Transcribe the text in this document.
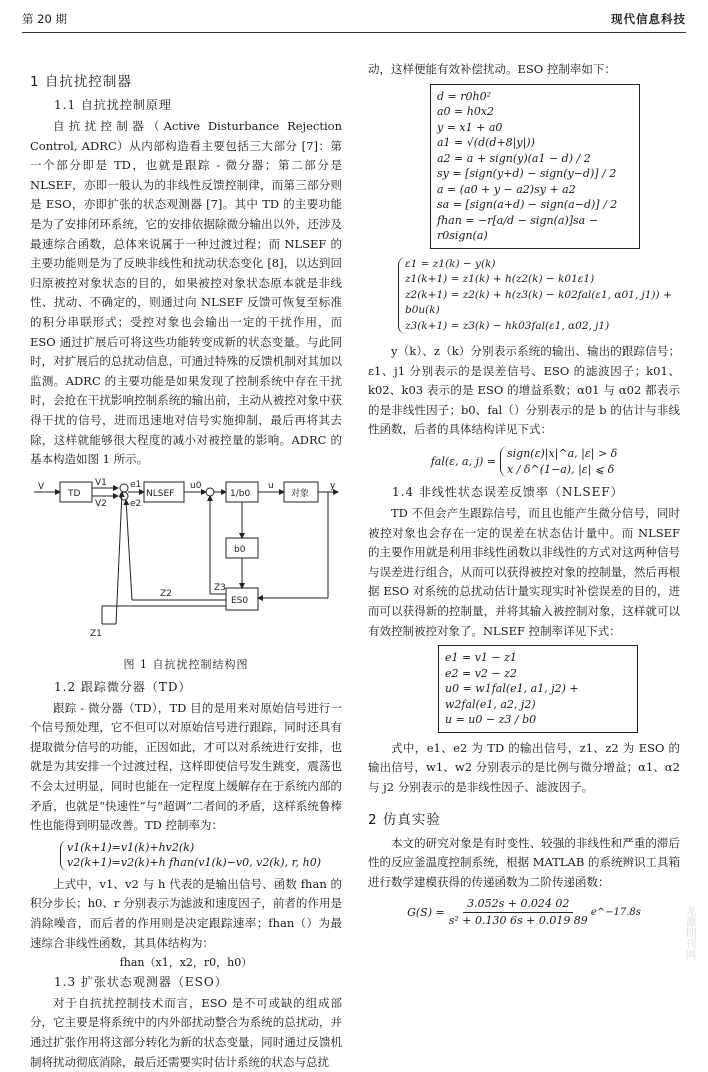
第 20 期	现代信息科技
1 自抗扰控制器
1.1 自抗扰控制原理
自抗扰控制器（Active Disturbance Rejection Control, ADRC）从内部构造看主要包括三大部分 [7]：第一个部分即是 TD，也就是跟踪 - 微分器；第二部分是 NLSEF，亦即一般认为的非线性反馈控制律，而第三部分则是 ESO，亦即扩张的状态观测器 [7]。其中 TD 的主要功能是为了安排闭环系统，它的安排依据除微分输出以外，还涉及最速综合函数，总体来说属于一种过渡过程；而 NLSEF 的主要功能则是为了反映非线性和扰动状态变化 [8]，以达到回归原被控对象状态的目的，如果被控对象状态原本就是非线性、扰动、不确定的，则通过向 NLSEF 反馈可恢复至标准的积分串联形式；受控对象也会输出一定的干扰作用，而 ESO 通过扩展后可将这些功能转变成新的状态变量。与此同时，对扩展后的总扰动信息，可通过特殊的反馈机制对其加以监测。ADRC 的主要功能是如果发现了控制系统中存在干扰时，会抢在干扰影响控制系统的输出前，主动从被控对象中获得干扰的信号，进而迅速地对信号实施抑制，最后再将其去除，这样就能够很大程度的减小对被控量的影响。ADRC 的基本构造如图 1 所示。
V
TD
V1
V2
e1
e2
NLSEF
u0
1/b0
u
对象
y
b0
ES0
Z3
Z2
Z1
图 1 自抗扰控制结构图
1.2 跟踪微分器（TD）
跟踪 - 微分器（TD），TD 目的是用来对原始信号进行一个信号预处理，它不但可以对原始信号进行跟踪，同时还具有提取微分信号的功能，正因如此，才可以对系统进行安排，也就是为其安排一个过渡过程，这样即使信号发生跳变，震荡也不会太过明显，同时也能在一定程度上缓解存在于系统内部的矛盾，也就是“快速性”与“超调”二者间的矛盾，这样系统鲁棒性也能得到明显改善。TD 控制率为：
v1(k+1)=v1(k)+hv2(k)
v2(k+1)=v2(k)+h fhan(v1(k)−v0, v2(k), r, h0)
上式中，v1、v2 与 h 代表的是输出信号、函数 fhan 的积分步长；h0、r 分别表示为滤波和速度因子，前者的作用是消除噪音，而后者的作用则是决定跟踪速率；fhan（）为最速综合非线性函数，其具体结构为：
fhan（x1，x2，r0，h0）
1.3 扩张状态观测器（ESO）
对于自抗扰控制技术而言，ESO 是不可或缺的组成部分，它主要是将系统中的内外部扰动整合为系统的总扰动，并通过扩张作用将这部分转化为新的状态变量，同时通过反馈机制将扰动彻底消除，最后还需要实时估计系统的状态与总扰
动，这样便能有效补偿扰动。ESO 控制率如下：
d = r0h0²
a0 = h0x2
y = x1 + a0
a1 = √(d(d+8|y|))
a2 = a + sign(y)(a1 − d) / 2
sy = [sign(y+d) − sign(y−d)] / 2
a = (a0 + y − a2)sy + a2
sa = [sign(a+d) − sign(a−d)] / 2
fhan = −r[a/d − sign(a)]sa − r0sign(a)
ε1 = z1(k) − y(k)
z1(k+1) = z1(k) + h(z2(k) − k01ε1)
z2(k+1) = z2(k) + h(z3(k) − k02fal(ε1, α01, j1)) + b0u(k)
z3(k+1) = z3(k) − hk03fal(ε1, α02, j1)
y（k）、z（k）分别表示系统的输出、输出的跟踪信号；ε1、j1 分别表示的是误差信号、ESO 的滤波因子；k01、k02、k03 表示的是 ESO 的增益系数；α01 与 α02 都表示的是非线性因子；b0、fal（）分别表示的是 b 的估计与非线性函数，后者的具体结构详见下式：
fal(ε, a, j) =
sign(ε)|x|^a, |ε| > δ
x / δ^(1−a), |ε| ⩽ δ
1.4 非线性状态误差反馈率（NLSEF）
TD 不但会产生跟踪信号，而且也能产生微分信号，同时被控对象也会存在一定的误差在状态估计量中。而 NLSEF 的主要作用就是利用非线性函数以非线性的方式对这两种信号与误差进行组合，从而可以获得被控对象的控制量，然后再根据 ESO 对系统的总扰动估计量实现实时补偿误差的目的，进而可以获得新的控制量，并将其输入被控制对象，这样就可以有效控制被控对象了。NLSEF 控制率详见下式：
e1 = v1 − z1
e2 = v2 − z2
u0 = w1fal(e1, a1, j2) + w2fal(e1, a2, j2)
u = u0 − z3 / b0
式中，e1、e2 为 TD 的输出信号，z1、z2 为 ESO 的输出信号，w1、w2 分别表示的是比例与微分增益；α1、α2 与 j2 分别表示的是非线性因子、滤波因子。
2 仿真实验
本文的研究对象是有时变性、较强的非线性和严重的滞后性的反应釜温度控制系统，根据 MATLAB 的系统辨识工具箱进行数学建模获得的传递函数为二阶传递函数：
$G(S) = \frac{3.052s + 0.024 02}{\text{s² + 0.130 6s + 0.019 89}}$ e^−17.8s	龙源期刊网
